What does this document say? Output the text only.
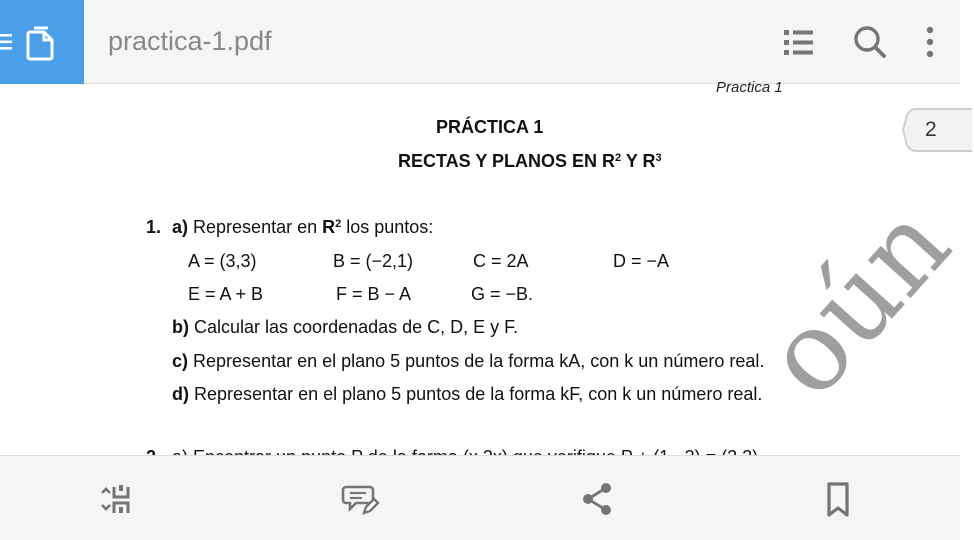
practica-1.pdf
Practica 1
PRÁCTICA 1
RECTAS Y PLANOS EN $R^2$ Y $R^3$
2
1. a) Representar en $R^2$ los puntos:
A = (3,3)	B = (−2,1)	C = 2A	D = −A
E = A + B	F = B − A	G = −B.
b) Calcular las coordenadas de C, D, E y F.
c) Representar en el plano 5 puntos de la forma kA, con k un número real.
d) Representar en el plano 5 puntos de la forma kF, con k un número real.
oún
